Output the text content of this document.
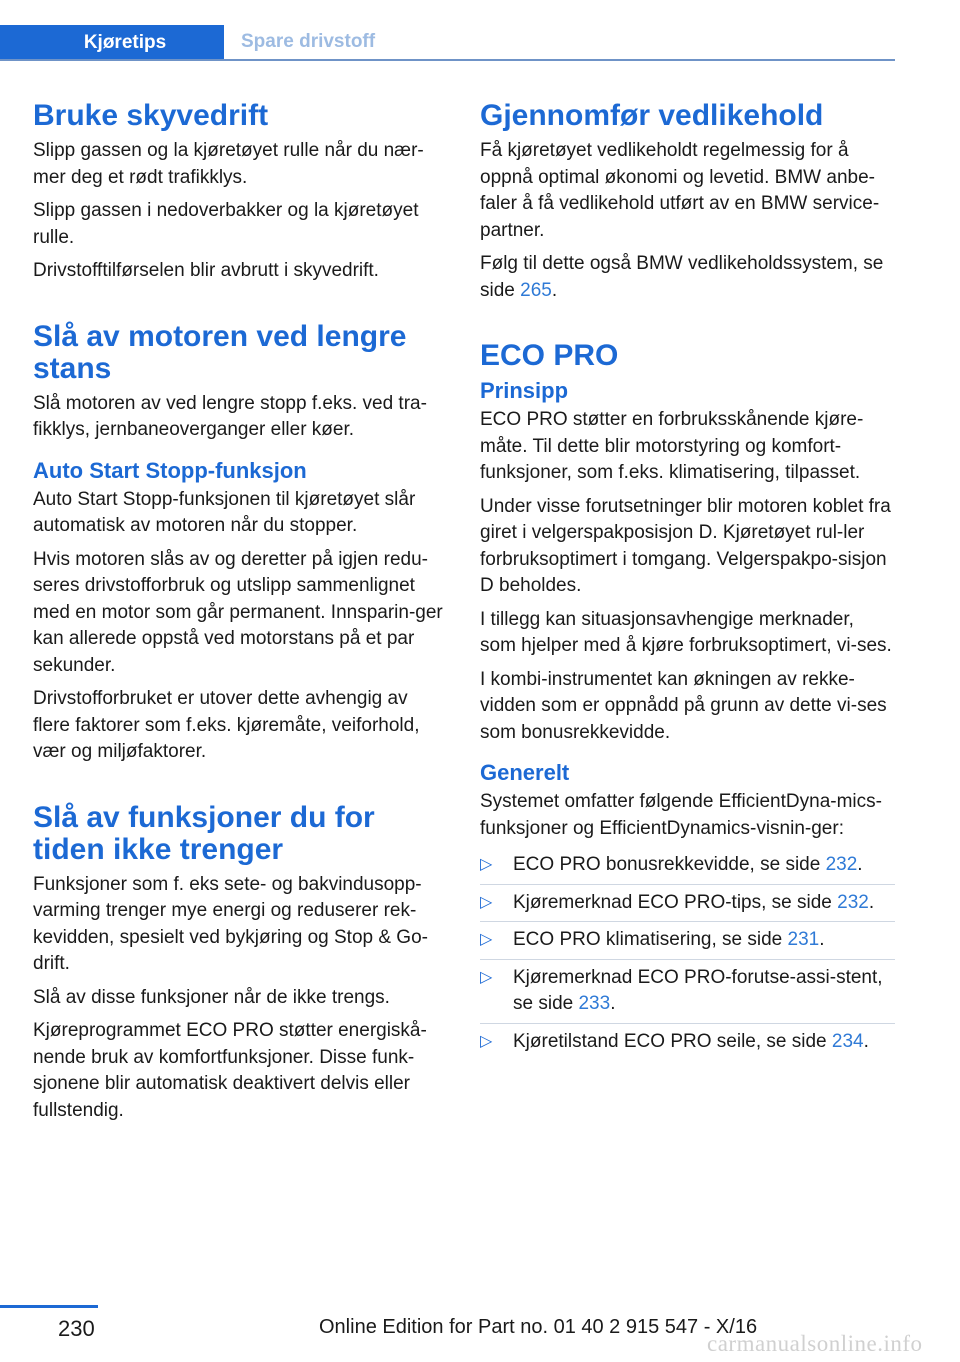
Kjøretips	Spare drivstoff
Bruke skyvedrift

Slipp gassen og la kjøretøyet rulle når du nær‐mer deg et rødt trafikklys.

Slipp gassen i nedoverbakker og la kjøretøyet rulle.

Drivstofftilførselen blir avbrutt i skyvedrift.

Slå av motoren ved lengre stans

Slå motoren av ved lengre stopp f.eks. ved tra‐fikklys, jernbaneoverganger eller køer.

Auto Start Stopp-funksjon

Auto Start Stopp-funksjonen til kjøretøyet slår automatisk av motoren når du stopper.

Hvis motoren slås av og deretter på igjen redu‐seres drivstofforbruk og utslipp sammenlignet med en motor som går permanent. Innsparin‐ger kan allerede oppstå ved motorstans på et par sekunder.

Drivstofforbruket er utover dette avhengig av flere faktorer som f.eks. kjøremåte, veiforhold, vær og miljøfaktorer.

Slå av funksjoner du for tiden ikke trenger

Funksjoner som f. eks sete- og bakvindusopp‐varming trenger mye energi og reduserer rek‐kevidden, spesielt ved bykjøring og Stop & Go-drift.

Slå av disse funksjoner når de ikke trengs.

Kjøreprogrammet ECO PRO støtter energiskå‐nende bruk av komfortfunksjoner. Disse funk‐sjonene blir automatisk deaktivert delvis eller fullstendig.

Gjennomfør vedlikehold

Få kjøretøyet vedlikeholdt regelmessig for å oppnå optimal økonomi og levetid. BMW anbe‐faler å få vedlikehold utført av en BMW service‐partner.

Følg til dette også BMW vedlikeholdssystem, se side 265.

ECO PRO
Prinsipp

ECO PRO støtter en forbruksskånende kjøre‐måte. Til dette blir motorstyring og komfort‐funksjoner, som f.eks. klimatisering, tilpasset.

Under visse forutsetninger blir motoren koblet fra giret i velgerspakposisjon D. Kjøretøyet rul‐ler forbruksoptimert i tomgang. Velgerspakpo‐sisjon D beholdes.

I tillegg kan situasjonsavhengige merknader, som hjelper med å kjøre forbruksoptimert, vi‐ses.

I kombi-instrumentet kan økningen av rekke‐vidden som er oppnådd på grunn av dette vi‐ses som bonusrekkevidde.

Generelt

Systemet omfatter følgende EfficientDyna‐mics-funksjoner og EfficientDynamics-visnin‐ger:

▷ ECO PRO bonusrekkevidde, se side 232.
▷ Kjøremerknad ECO PRO-tips, se side 232.
▷ ECO PRO klimatisering, se side 231.
▷ Kjøremerknad ECO PRO-forutse-assi‐stent, se side 233.
▷ Kjøretilstand ECO PRO seile, se side 234.
230	Online Edition for Part no. 01 40 2 915 547 - X/16
carmanualsonline.info
